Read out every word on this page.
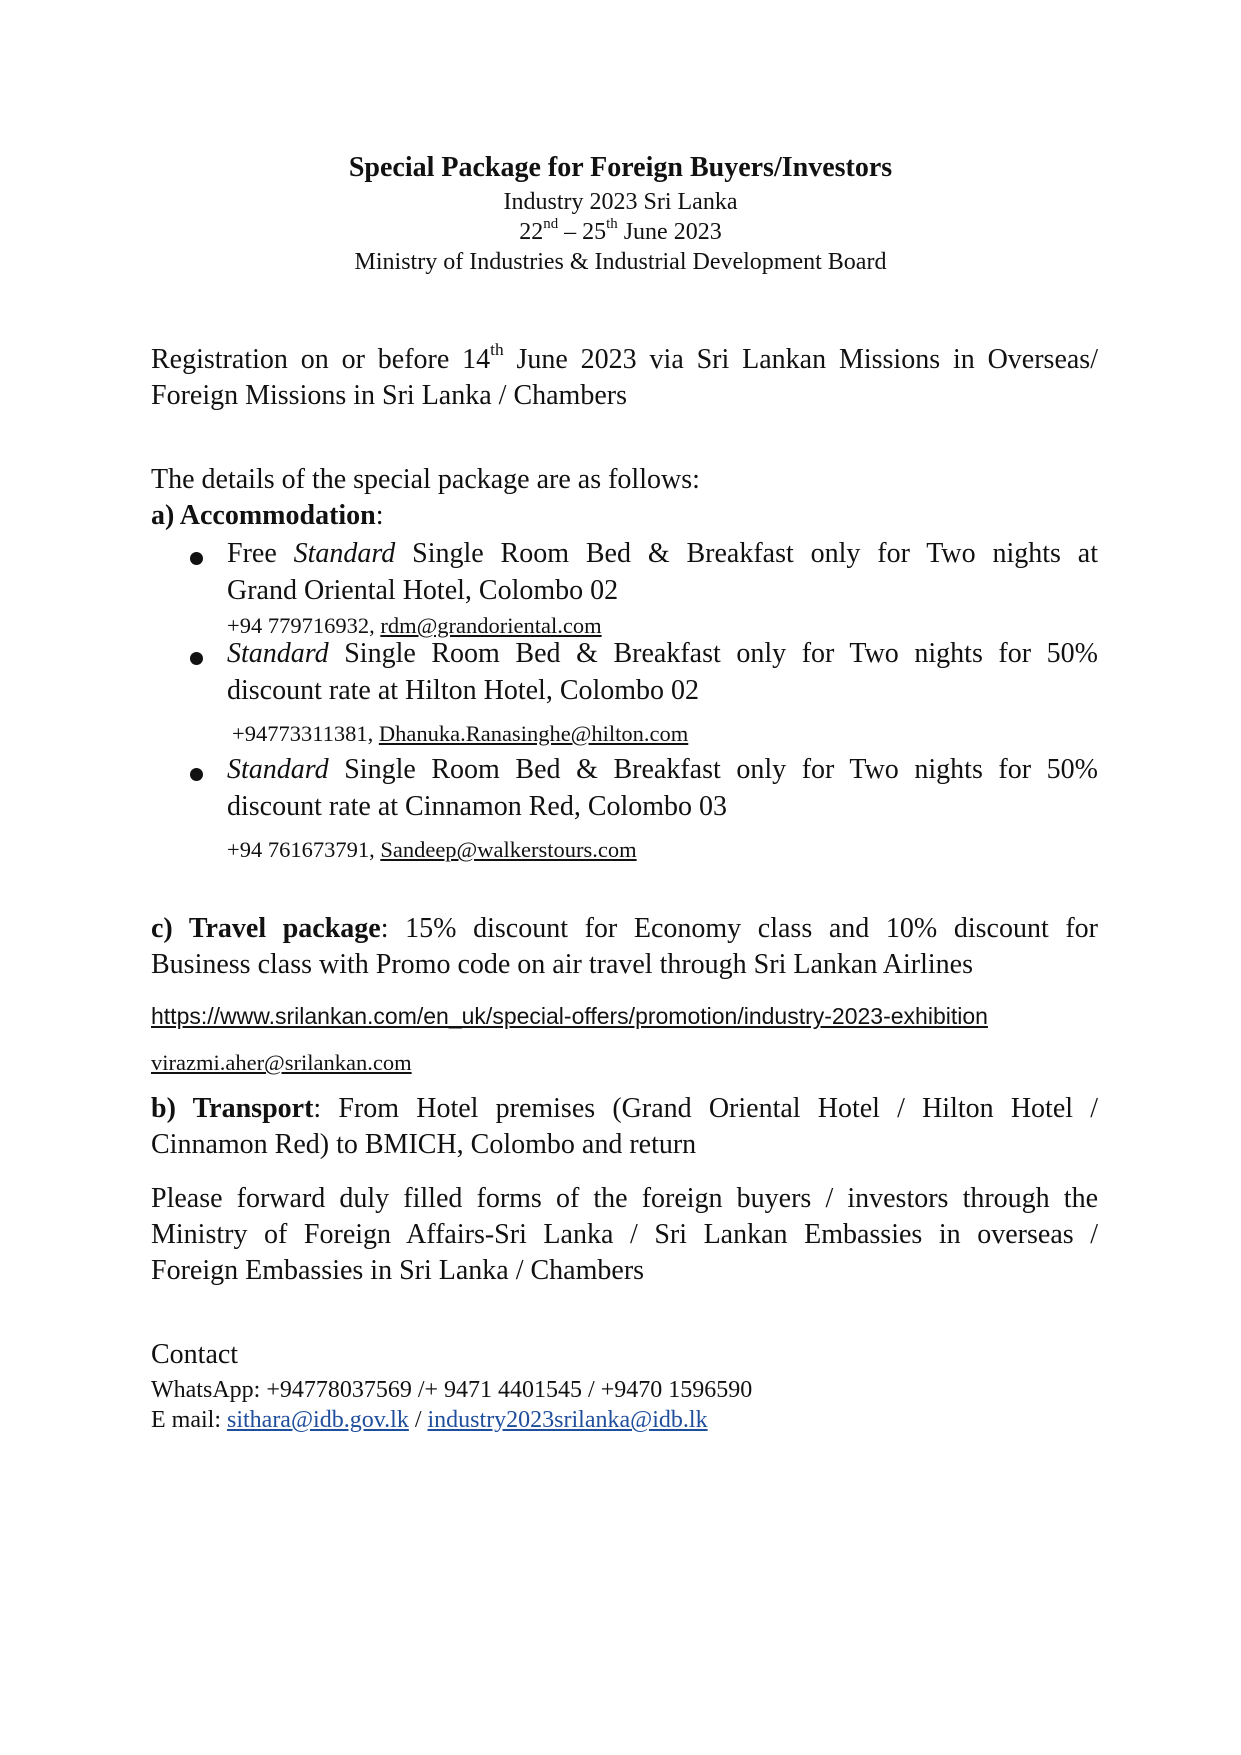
Special Package for Foreign Buyers/Investors
Industry 2023 Sri Lanka
22nd – 25th June 2023
Ministry of Industries & Industrial Development Board
Registration on or before 14th June 2023 via Sri Lankan Missions in Overseas/
Foreign Missions in Sri Lanka / Chambers
The details of the special package are as follows:
a) Accommodation:
Free Standard Single Room Bed & Breakfast only for Two nights at
Grand Oriental Hotel, Colombo 02
+94 779716932, rdm@grandoriental.com
Standard Single Room Bed & Breakfast only for Two nights for 50%
discount rate at Hilton Hotel, Colombo 02
+94773311381, Dhanuka.Ranasinghe@hilton.com
Standard Single Room Bed & Breakfast only for Two nights for 50%
discount rate at Cinnamon Red, Colombo 03
+94 761673791, Sandeep@walkerstours.com
c) Travel package: 15% discount for Economy class and 10% discount for
Business class with Promo code on air travel through Sri Lankan Airlines
https://www.srilankan.com/en_uk/special-offers/promotion/industry-2023-exhibition
virazmi.aher@srilankan.com
b) Transport: From Hotel premises (Grand Oriental Hotel / Hilton Hotel /
Cinnamon Red) to BMICH, Colombo and return
Please forward duly filled forms of the foreign buyers / investors through the
Ministry of Foreign Affairs-Sri Lanka / Sri Lankan Embassies in overseas /
Foreign Embassies in Sri Lanka / Chambers
Contact
WhatsApp: +94778037569 /+ 9471 4401545 / +9470 1596590
E mail: sithara@idb.gov.lk / industry2023srilanka@idb.lk
